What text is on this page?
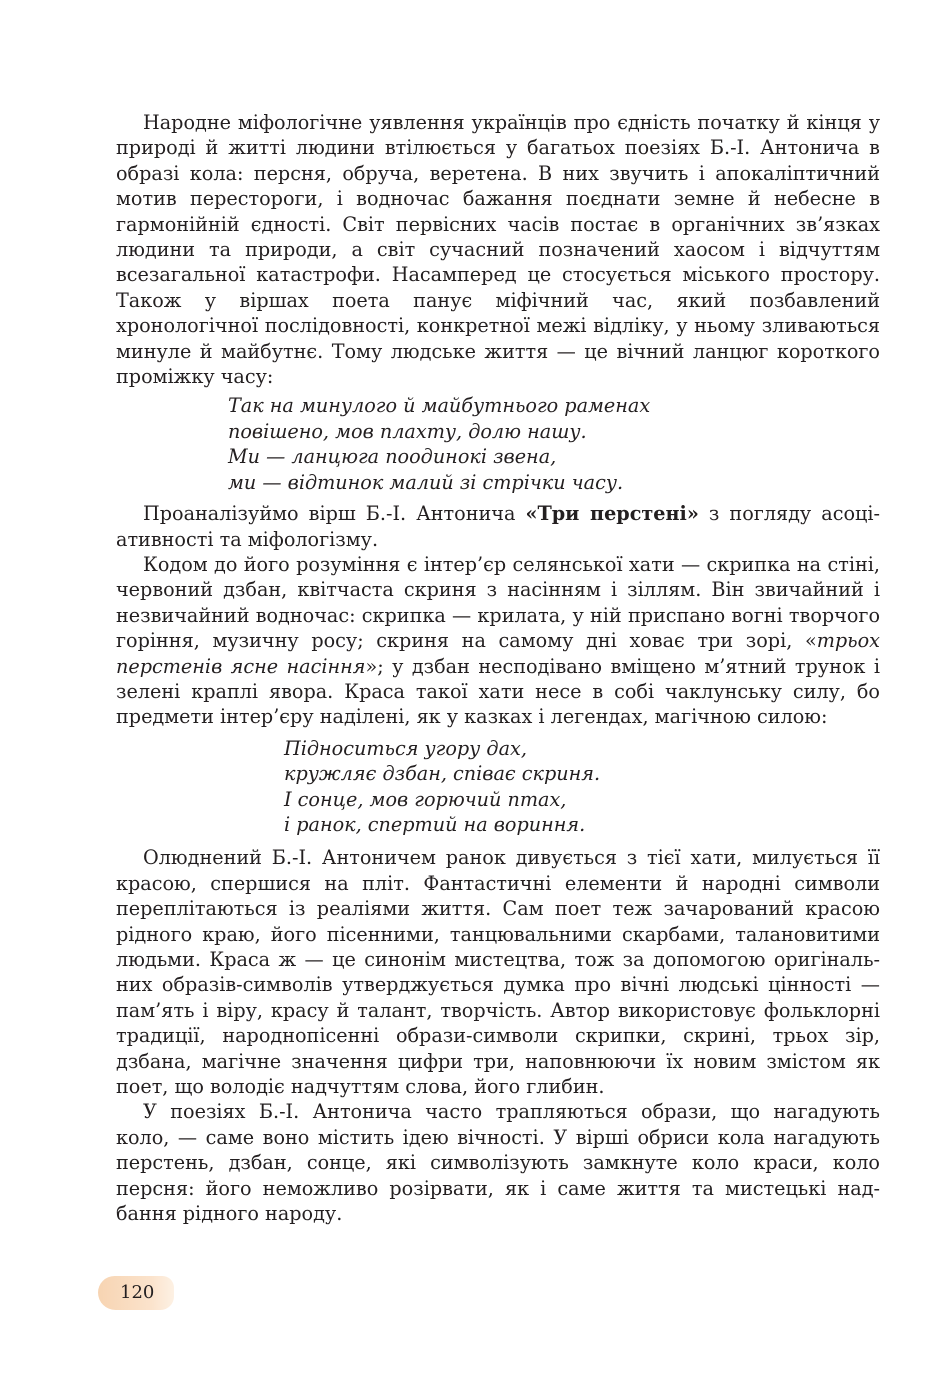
Народне міфологічне уявлення українців про єдність початку й кінця у природі й житті людини втілюється у багатьох поезіях Б.-І. Антонича в образі кола: персня, обруча, веретена. В них звучить і апокаліптичний мотив перестороги, і водночас бажання поєднати земне й небесне в гармонійній єдності. Світ первісних часів постає в органічних зв’язках людини та природи, а світ сучасний позначений хаосом і відчуттям всезагальної катастрофи. Насамперед це стосується міського простору. Також у віршах поета панує міфічний час, який позбавлений хронологічної послідовності, конкретної межі відліку, у ньому зливаються минуле й майбутнє. Тому людське життя — це вічний ланцюг короткого проміжку часу:

Так на минулого й майбутнього раменах
повішено, мов плахту, долю нашу.
Ми — ланцюга поодинокі звена,
ми — відтинок малий зі стрічки часу.

Проаналізуймо вірш Б.-І. Антонича «Три перстені» з погляду асоціативності та міфологізму.

Кодом до його розуміння є інтер’єр селянської хати — скрипка на стіні, червоний дзбан, квітчаста скриня з насінням і зіллям. Він звичайний і незвичайний водночас: скрипка — крилата, у ній приспано вогні творчого горіння, музичну росу; скриня на самому дні ховає три зорі, «трьох перстенів ясне насіння»; у дзбан несподівано вміщено м’ятний трунок і зелені краплі явора. Краса такої хати несе в собі чаклунську силу, бо предмети інтер’єру наділені, як у казках і легендах, магічною силою:

Підноситься угору дах,
кружляє дзбан, співає скриня.
І сонце, мов горючий птах,
і ранок, спертий на вориння.

Олюднений Б.-І. Антоничем ранок дивується з тієї хати, милується її красою, спершися на пліт. Фантастичні елементи й народні символи переплітаються із реаліями життя. Сам поет теж зачарований красою рідного краю, його пісенними, танцювальними скарбами, талановитими людьми. Краса ж — це синонім мистецтва, тож за допомогою оригінальних образів-символів утверджується думка про вічні людські цінності — пам’ять і віру, красу й талант, творчість. Автор використовує фольклорні традиції, народнопісенні образи-символи скрипки, скрині, трьох зір, дзбана, магічне значення цифри три, наповнюючи їх новим змістом як поет, що володіє надчуттям слова, його глибин.

У поезіях Б.-І. Антонича часто трапляються образи, що нагадують коло, — саме воно містить ідею вічності. У вірші обриси кола нагадують перстень, дзбан, сонце, які символізують замкнуте коло краси, коло персня: його неможливо розірвати, як і саме життя та мистецькі надбання рідного народу.

120
